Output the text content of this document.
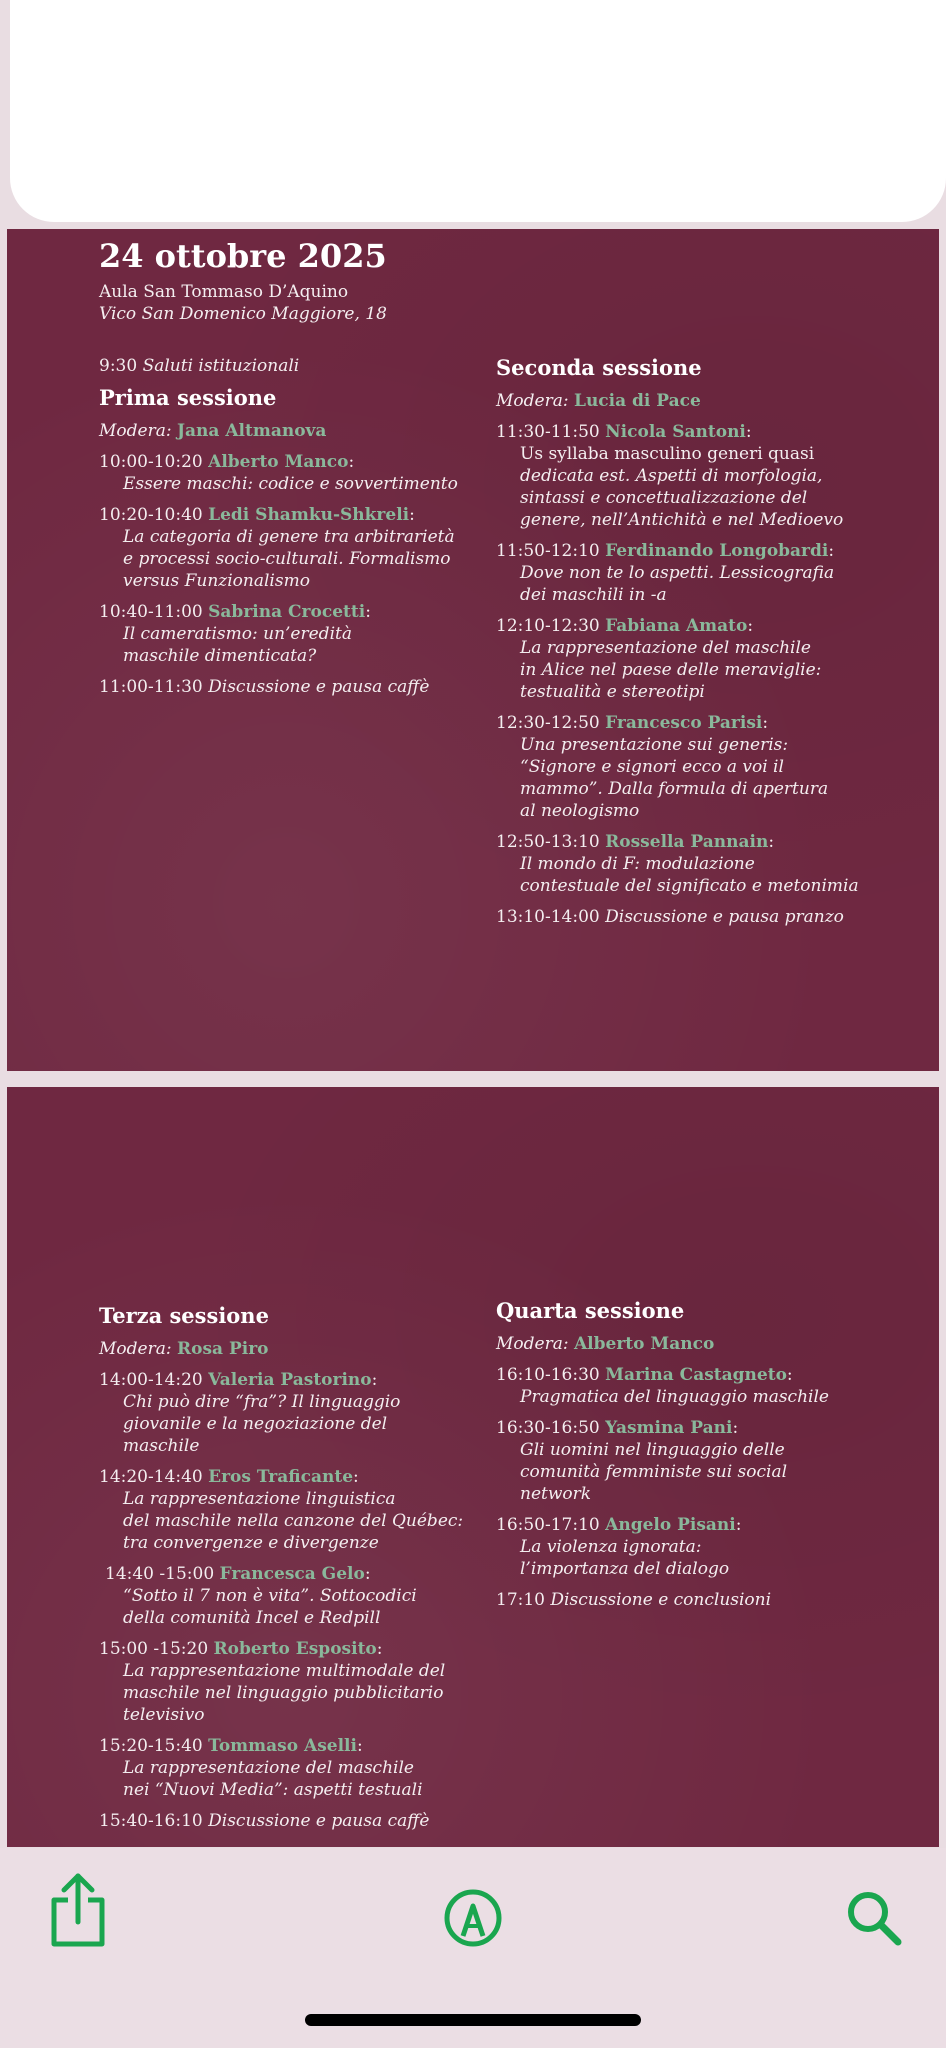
24 ottobre 2025
Aula San Tommaso D’Aquino
Vico San Domenico Maggiore, 18
9:30 Saluti istituzionali
Prima sessione
Modera: Jana Altmanova
10:00-10:20 Alberto Manco:
Essere maschi: codice e sovvertimento
10:20-10:40 Ledi Shamku-Shkreli:
La categoria di genere tra arbitrarietà
e processi socio-culturali. Formalismo
versus Funzionalismo
10:40-11:00 Sabrina Crocetti:
Il cameratismo: un’eredità
maschile dimenticata?
11:00-11:30 Discussione e pausa caffè
Seconda sessione
Modera: Lucia di Pace
11:30-11:50 Nicola Santoni:
Us syllaba masculino generi quasi
dedicata est. Aspetti di morfologia,
sintassi e concettualizzazione del
genere, nell’Antichità e nel Medioevo
11:50-12:10 Ferdinando Longobardi:
Dove non te lo aspetti. Lessicografia
dei maschili in -a
12:10-12:30 Fabiana Amato:
La rappresentazione del maschile
in Alice nel paese delle meraviglie:
testualità e stereotipi
12:30-12:50 Francesco Parisi:
Una presentazione sui generis:
“Signore e signori ecco a voi il
mammo”. Dalla formula di apertura
al neologismo
12:50-13:10 Rossella Pannain:
Il mondo di F: modulazione
contestuale del significato e metonimia
13:10-14:00 Discussione e pausa pranzo
Terza sessione
Modera: Rosa Piro
14:00-14:20 Valeria Pastorino:
Chi può dire “fra”? Il linguaggio
giovanile e la negoziazione del
maschile
14:20-14:40 Eros Traficante:
La rappresentazione linguistica
del maschile nella canzone del Québec:
tra convergenze e divergenze
14:40 -15:00 Francesca Gelo:
“Sotto il 7 non è vita”. Sottocodici
della comunità Incel e Redpill
15:00 -15:20 Roberto Esposito:
La rappresentazione multimodale del
maschile nel linguaggio pubblicitario
televisivo
15:20-15:40 Tommaso Aselli:
La rappresentazione del maschile
nei “Nuovi Media”: aspetti testuali
15:40-16:10 Discussione e pausa caffè
Quarta sessione
Modera: Alberto Manco
16:10-16:30 Marina Castagneto:
Pragmatica del linguaggio maschile
16:30-16:50 Yasmina Pani:
Gli uomini nel linguaggio delle
comunità femministe sui social
network
16:50-17:10 Angelo Pisani:
La violenza ignorata:
l’importanza del dialogo
17:10 Discussione e conclusioni
